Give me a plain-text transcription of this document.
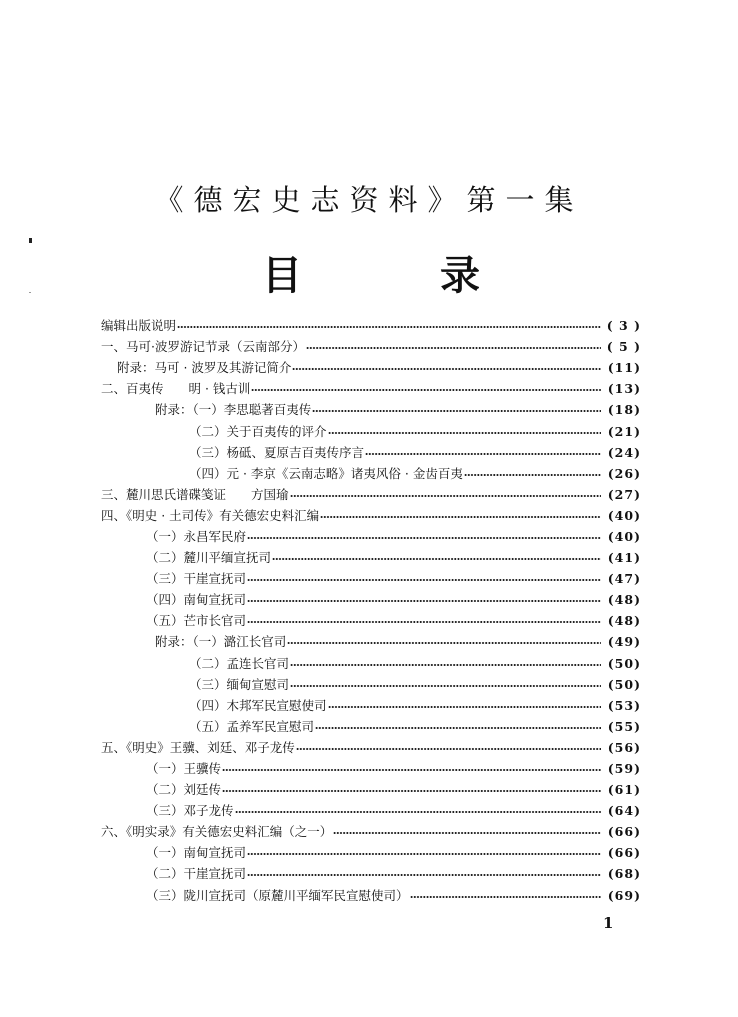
《德宏史志资料》第一集
目	录
编辑出版说明	( 3 )
一、马可·波罗游记节录（云南部分）	( 5 )
附录：马可 · 波罗及其游记简介	(11)
二、百夷传　　明 · 钱古训	(13)
附录：（一）李思聪著百夷传	(18)
（二）关于百夷传的评介	(21)
（三）杨砥、夏原吉百夷传序言	(24)
（四）元 · 李京《云南志略》诸夷风俗 · 金齿百夷	(26)
三、麓川思氏谱碟笺证　　方国瑜	(27)
四、《明史 · 土司传》有关德宏史料汇编	(40)
（一）永昌军民府	(40)
（二）麓川平缅宣抚司	(41)
（三）干崖宣抚司	(47)
（四）南甸宣抚司	(48)
（五）芒市长官司	(48)
附录：（一）潞江长官司	(49)
（二）孟连长官司	(50)
（三）缅甸宣慰司	(50)
（四）木邦军民宣慰使司	(53)
（五）孟养军民宣慰司	(55)
五、《明史》王骥、刘廷、邓子龙传	(56)
（一）王骥传	(59)
（二）刘廷传	(61)
（三）邓子龙传	(64)
六、《明实录》有关德宏史料汇编（之一）	(66)
（一）南甸宣抚司	(66)
（二）干崖宣抚司	(68)
（三）陇川宣抚司（原麓川平缅军民宣慰使司）	(69)
1
